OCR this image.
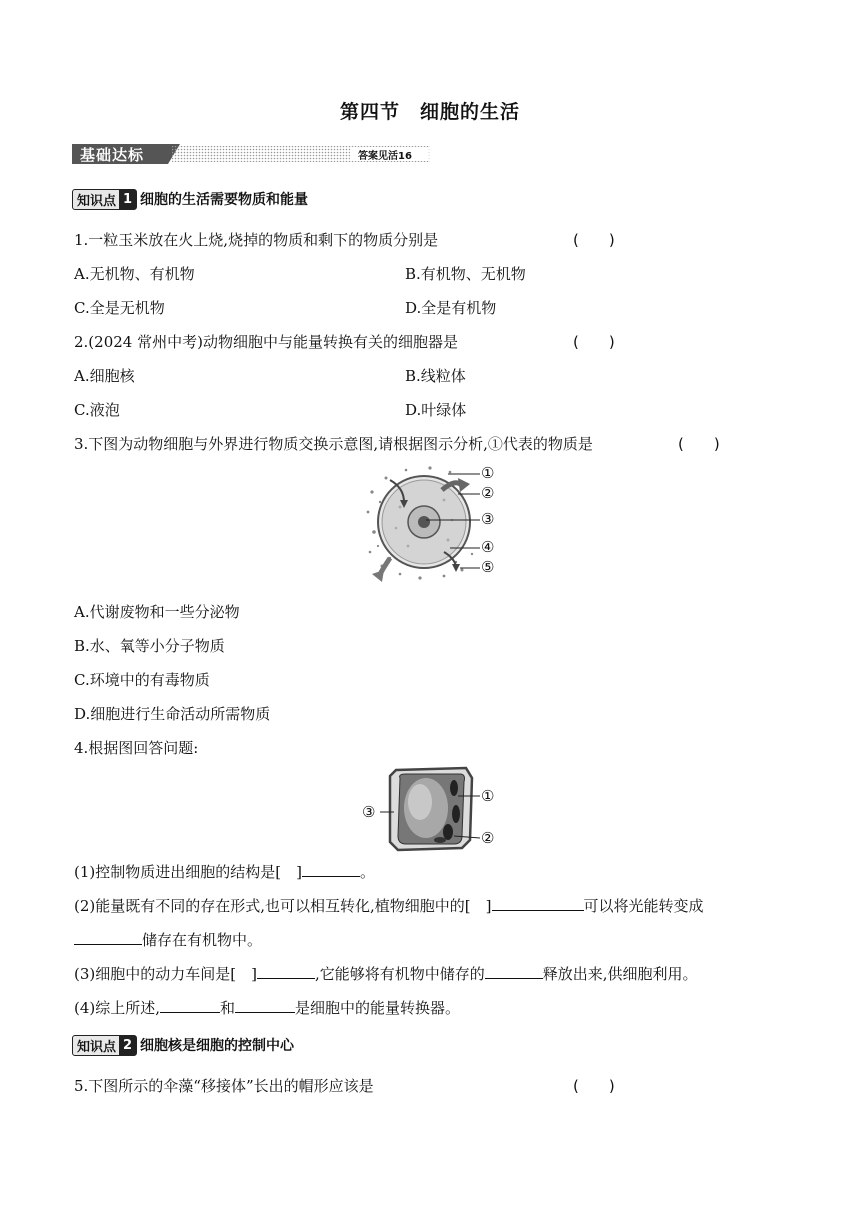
第四节　细胞的生活
基础达标	答案见活16
知识点 1 细胞的生活需要物质和能量
1.一粒玉米放在火上烧,烧掉的物质和剩下的物质分别是	(　　)
A.无机物、有机物	B.有机物、无机物
C.全是无机物	D.全是有机物
2.(2024 常州中考)动物细胞中与能量转换有关的细胞器是	(　　)
A.细胞核	B.线粒体
C.液泡	D.叶绿体
3.下图为动物细胞与外界进行物质交换示意图,请根据图示分析,①代表的物质是	(　　)
①
②
③
④
⑤
A.代谢废物和一些分泌物
B.水、氧等小分子物质
C.环境中的有毒物质
D.细胞进行生命活动所需物质
4.根据图回答问题:
①
②
③
(1)控制物质进出细胞的结构是[　]	。
(2)能量既有不同的存在形式,也可以相互转化,植物细胞中的[　]	可以将光能转变成
储存在有机物中。
(3)细胞中的动力车间是[　]	,它能够将有机物中储存的	释放出来,供细胞利用。
(4)综上所述,	和	是细胞中的能量转换器。
知识点 2 细胞核是细胞的控制中心
5.下图所示的伞藻“移接体”长出的帽形应该是	(　　)
